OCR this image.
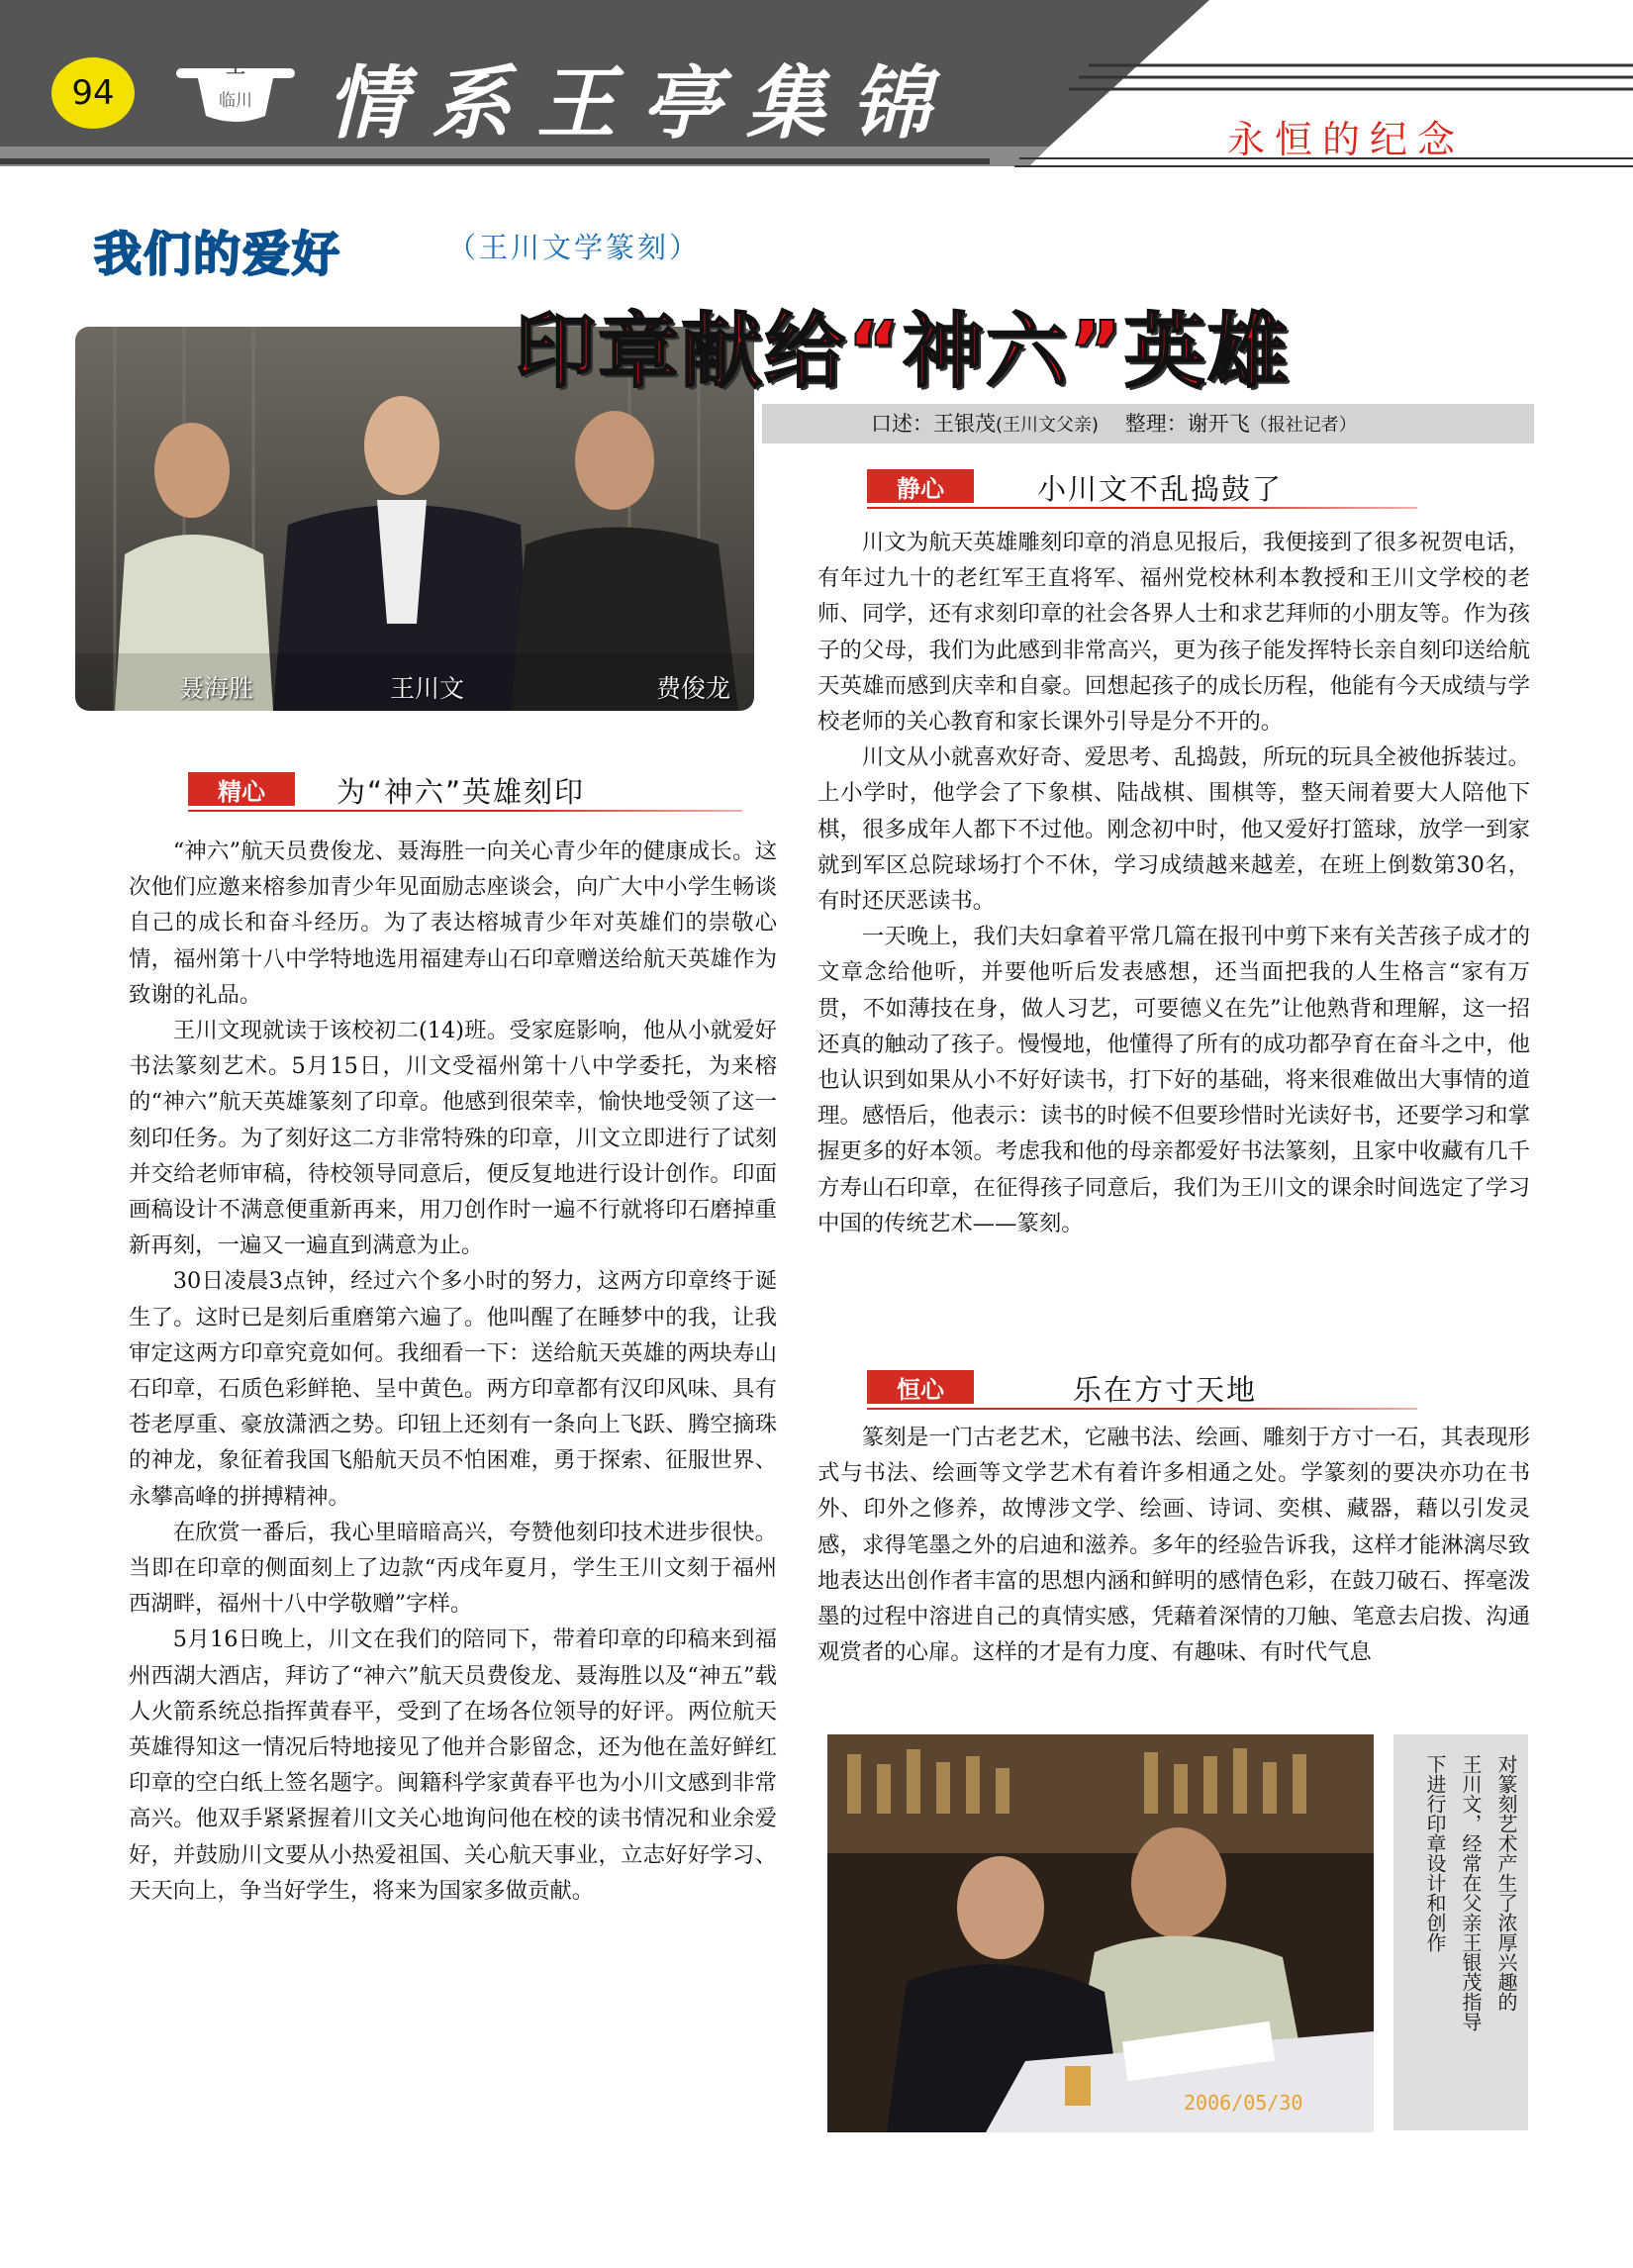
94
王
临川 情系王亭集锦	永恒的纪念
我们的爱好	（王川文学篆刻）
口述：王银茂(王川文父亲) 整理：谢开飞（报社记者）
聂海胜	王川文	费俊龙
印章献给“神六”英雄
精心	为“神六”英雄刻印

“神六”航天员费俊龙、聂海胜一向关心青少年的健康成长。这次他们应邀来榕参加青少年见面励志座谈会，向广大中小学生畅谈自己的成长和奋斗经历。为了表达榕城青少年对英雄们的崇敬心情，福州第十八中学特地选用福建寿山石印章赠送给航天英雄作为致谢的礼品。

王川文现就读于该校初二(14)班。受家庭影响，他从小就爱好书法篆刻艺术。5月15日，川文受福州第十八中学委托，为来榕的“神六”航天英雄篆刻了印章。他感到很荣幸，愉快地受领了这一刻印任务。为了刻好这二方非常特殊的印章，川文立即进行了试刻并交给老师审稿，待校领导同意后，便反复地进行设计创作。印面画稿设计不满意便重新再来，用刀创作时一遍不行就将印石磨掉重新再刻，一遍又一遍直到满意为止。

30日凌晨3点钟，经过六个多小时的努力，这两方印章终于诞生了。这时已是刻后重磨第六遍了。他叫醒了在睡梦中的我，让我审定这两方印章究竟如何。我细看一下：送给航天英雄的两块寿山石印章，石质色彩鲜艳、呈中黄色。两方印章都有汉印风味、具有苍老厚重、豪放潇洒之势。印钮上还刻有一条向上飞跃、腾空摘珠的神龙，象征着我国飞船航天员不怕困难，勇于探索、征服世界、永攀高峰的拼搏精神。

在欣赏一番后，我心里暗暗高兴，夸赞他刻印技术进步很快。当即在印章的侧面刻上了边款“丙戌年夏月，学生王川文刻于福州西湖畔，福州十八中学敬赠”字样。

5月16日晚上，川文在我们的陪同下，带着印章的印稿来到福州西湖大酒店，拜访了“神六”航天员费俊龙、聂海胜以及“神五”载人火箭系统总指挥黄春平，受到了在场各位领导的好评。两位航天英雄得知这一情况后特地接见了他并合影留念，还为他在盖好鲜红印章的空白纸上签名题字。闽籍科学家黄春平也为小川文感到非常高兴。他双手紧紧握着川文关心地询问他在校的读书情况和业余爱好，并鼓励川文要从小热爱祖国、关心航天事业，立志好好学习、天天向上，争当好学生，将来为国家多做贡献。

静心	小川文不乱捣鼓了

川文为航天英雄雕刻印章的消息见报后，我便接到了很多祝贺电话，有年过九十的老红军王直将军、福州党校林利本教授和王川文学校的老师、同学，还有求刻印章的社会各界人士和求艺拜师的小朋友等。作为孩子的父母，我们为此感到非常高兴，更为孩子能发挥特长亲自刻印送给航天英雄而感到庆幸和自豪。回想起孩子的成长历程，他能有今天成绩与学校老师的关心教育和家长课外引导是分不开的。

川文从小就喜欢好奇、爱思考、乱捣鼓，所玩的玩具全被他拆装过。上小学时，他学会了下象棋、陆战棋、围棋等，整天闹着要大人陪他下棋，很多成年人都下不过他。刚念初中时，他又爱好打篮球，放学一到家就到军区总院球场打个不休，学习成绩越来越差，在班上倒数第30名，有时还厌恶读书。

一天晚上，我们夫妇拿着平常几篇在报刊中剪下来有关苦孩子成才的文章念给他听，并要他听后发表感想，还当面把我的人生格言“家有万贯，不如薄技在身，做人习艺，可要德义在先”让他熟背和理解，这一招还真的触动了孩子。慢慢地，他懂得了所有的成功都孕育在奋斗之中，他也认识到如果从小不好好读书，打下好的基础，将来很难做出大事情的道理。感悟后，他表示：读书的时候不但要珍惜时光读好书，还要学习和掌握更多的好本领。考虑我和他的母亲都爱好书法篆刻，且家中收藏有几千方寿山石印章，在征得孩子同意后，我们为王川文的课余时间选定了学习中国的传统艺术——篆刻。

恒心	乐在方寸天地

篆刻是一门古老艺术，它融书法、绘画、雕刻于方寸一石，其表现形式与书法、绘画等文学艺术有着许多相通之处。学篆刻的要决亦功在书外、印外之修养，故博涉文学、绘画、诗词、奕棋、藏器，藉以引发灵感，求得笔墨之外的启迪和滋养。多年的经验告诉我，这样才能淋漓尽致地表达出创作者丰富的思想内涵和鲜明的感情色彩，在鼓刀破石、挥毫泼墨的过程中溶进自己的真情实感，凭藉着深情的刀触、笔意去启拨、沟通观赏者的心扉。这样的才是有力度、有趣味、有时代气息

2006/05/30
对篆刻艺术产生了浓厚兴趣的
王川文，经常在父亲王银茂指导
下进行印章设计和创作
